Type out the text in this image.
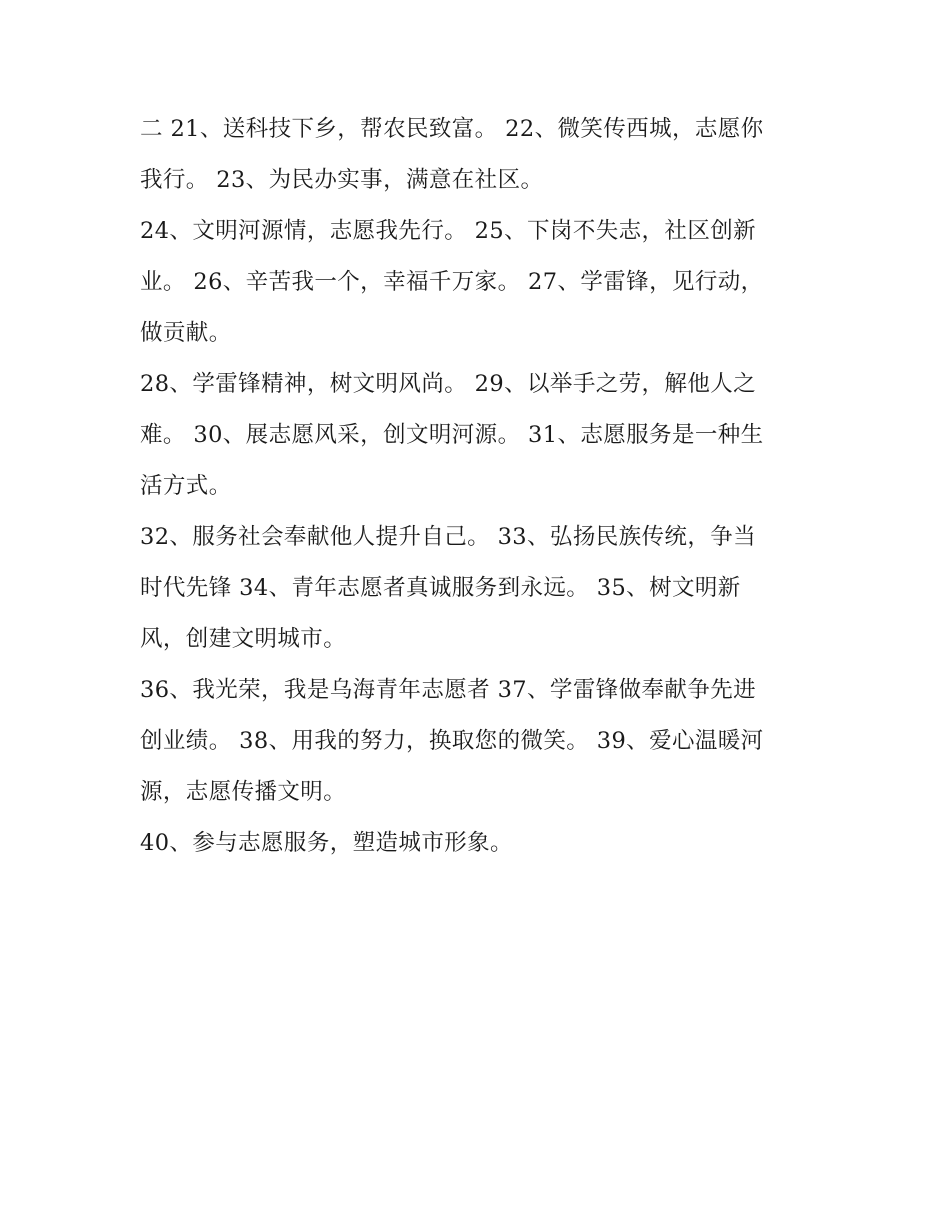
二 21、送科技下乡，帮农民致富。 22、微笑传西城，志愿你
我行。 23、为民办实事，满意在社区。
24、文明河源情，志愿我先行。 25、下岗不失志，社区创新
业。 26、辛苦我一个，幸福千万家。 27、学雷锋，见行动，
做贡献。
28、学雷锋精神，树文明风尚。 29、以举手之劳，解他人之
难。 30、展志愿风采，创文明河源。 31、志愿服务是一种生
活方式。
32、服务社会奉献他人提升自己。 33、弘扬民族传统，争当
时代先锋 34、青年志愿者真诚服务到永远。 35、树文明新
风，创建文明城市。
36、我光荣，我是乌海青年志愿者 37、学雷锋做奉献争先进
创业绩。 38、用我的努力，换取您的微笑。 39、爱心温暖河
源，志愿传播文明。
40、参与志愿服务，塑造城市形象。
